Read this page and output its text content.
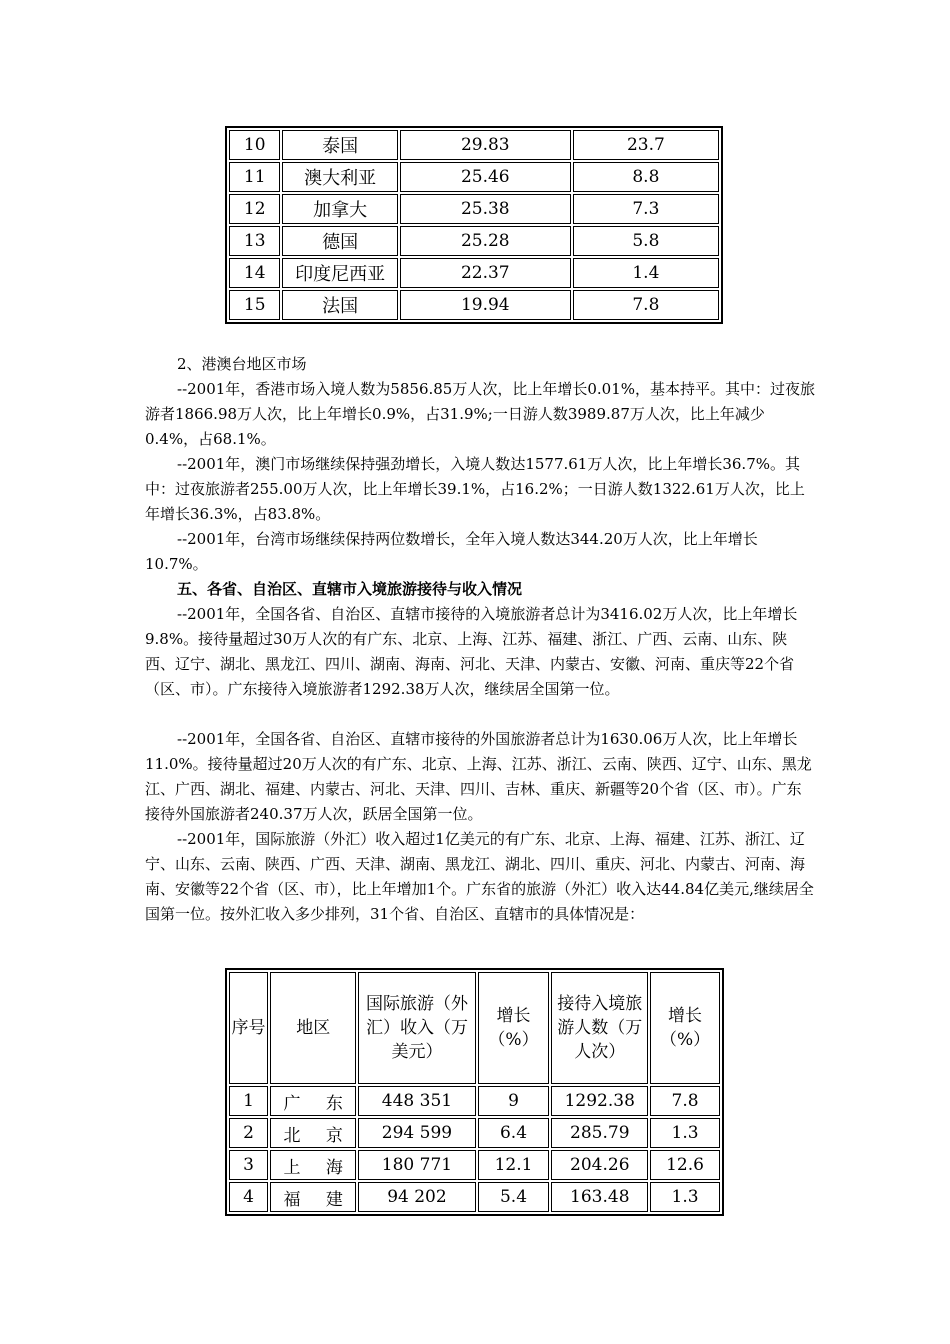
10	泰国	29.83	23.7
11	澳大利亚	25.46	8.8
12	加拿大	25.38	7.3
13	德国	25.28	5.8
14	印度尼西亚	22.37	1.4
15	法国	19.94	7.8

2、港澳台地区市场

--2001年，香港市场入境人数为5856.85万人次，比上年增长0.01%，基本持平。其中：过夜旅游者1866.98万人次，比上年增长0.9%，占31.9%;一日游人数3989.87万人次，比上年减少0.4%，占68.1%。

--2001年，澳门市场继续保持强劲增长，入境人数达1577.61万人次，比上年增长36.7%。其中：过夜旅游者255.00万人次，比上年增长39.1%，占16.2%；一日游人数1322.61万人次，比上年增长36.3%，占83.8%。

--2001年，台湾市场继续保持两位数增长，全年入境人数达344.20万人次，比上年增长10.7%。

五、各省、自治区、直辖市入境旅游接待与收入情况

--2001年，全国各省、自治区、直辖市接待的入境旅游者总计为3416.02万人次，比上年增长9.8%。接待量超过30万人次的有广东、北京、上海、江苏、福建、浙江、广西、云南、山东、陕西、辽宁、湖北、黑龙江、四川、湖南、海南、河北、天津、内蒙古、安徽、河南、重庆等22个省（区、市）。广东接待入境旅游者1292.38万人次，继续居全国第一位。

--2001年，全国各省、自治区、直辖市接待的外国旅游者总计为1630.06万人次，比上年增长11.0%。接待量超过20万人次的有广东、北京、上海、江苏、浙江、云南、陕西、辽宁、山东、黑龙江、广西、湖北、福建、内蒙古、河北、天津、四川、吉林、重庆、新疆等20个省（区、市）。广东接待外国旅游者240.37万人次，跃居全国第一位。

--2001年，国际旅游（外汇）收入超过1亿美元的有广东、北京、上海、福建、江苏、浙江、辽宁、山东、云南、陕西、广西、天津、湖南、黑龙江、湖北、四川、重庆、河北、内蒙古、河南、海南、安徽等22个省（区、市），比上年增加1个。广东省的旅游（外汇）收入达44.84亿美元,继续居全国第一位。按外汇收入多少排列，31个省、自治区、直辖市的具体情况是：

序号	地区	国际旅游（外汇）收入（万美元）	增长（%）	接待入境旅游人数（万人次）	增长（%）
1	广 东	448 351	9	1292.38	7.8
2	北 京	294 599	6.4	285.79	1.3
3	上 海	180 771	12.1	204.26	12.6
4	福 建	94 202	5.4	163.48	1.3
